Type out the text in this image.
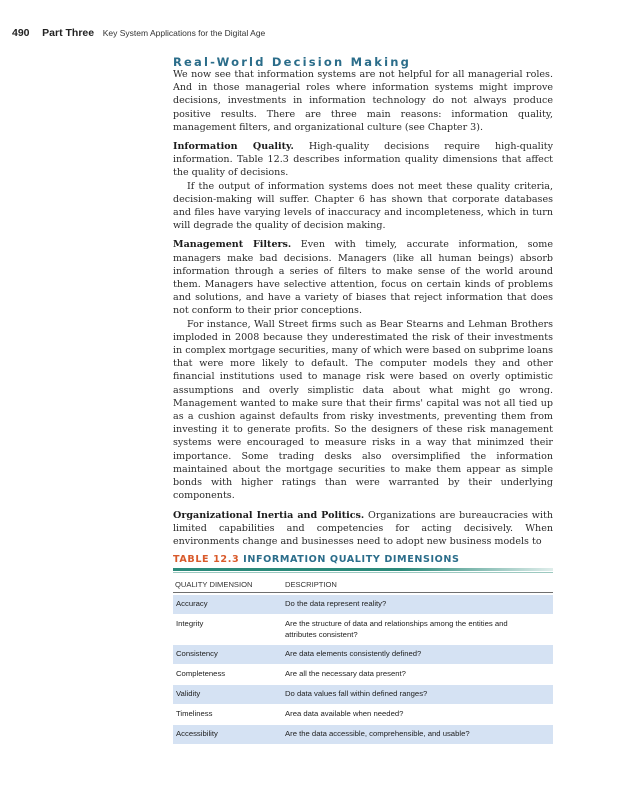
490 Part Three Key System Applications for the Digital Age
Real-World Decision Making

We now see that information systems are not helpful for all managerial roles. And in those managerial roles where information systems might improve decisions, investments in information technology do not always produce positive results. There are three main reasons: information quality, management filters, and organizational culture (see Chapter 3).

Information Quality. High-quality decisions require high-quality information. Table 12.3 describes information quality dimensions that affect the quality of decisions.

If the output of information systems does not meet these quality criteria, decision-making will suffer. Chapter 6 has shown that corporate databases and files have varying levels of inaccuracy and incompleteness, which in turn will degrade the quality of decision making.

Management Filters. Even with timely, accurate information, some managers make bad decisions. Managers (like all human beings) absorb information through a series of filters to make sense of the world around them. Managers have selective attention, focus on certain kinds of problems and solutions, and have a variety of biases that reject information that does not conform to their prior conceptions.

For instance, Wall Street firms such as Bear Stearns and Lehman Brothers imploded in 2008 because they underestimated the risk of their investments in complex mortgage securities, many of which were based on subprime loans that were more likely to default. The computer models they and other financial institutions used to manage risk were based on overly optimistic assumptions and overly simplistic data about what might go wrong. Management wanted to make sure that their firms' capital was not all tied up as a cushion against defaults from risky investments, preventing them from investing it to generate profits. So the designers of these risk management systems were encouraged to measure risks in a way that minimzed their importance. Some trading desks also oversimplified the information maintained about the mortgage securities to make them appear as simple bonds with higher ratings than were warranted by their underlying components.

Organizational Inertia and Politics. Organizations are bureaucracies with limited capabilities and competencies for acting decisively. When environments change and businesses need to adopt new business models to

TABLE 12.3 INFORMATION QUALITY DIMENSIONS
QUALITY DIMENSION	DESCRIPTION
Accuracy	Do the data represent reality?
Integrity	Are the structure of data and relationships among the entities and attributes consistent?
Consistency	Are data elements consistently defined?
Completeness	Are all the necessary data present?
Validity	Do data values fall within defined ranges?
Timeliness	Area data available when needed?
Accessibility	Are the data accessible, comprehensible, and usable?
